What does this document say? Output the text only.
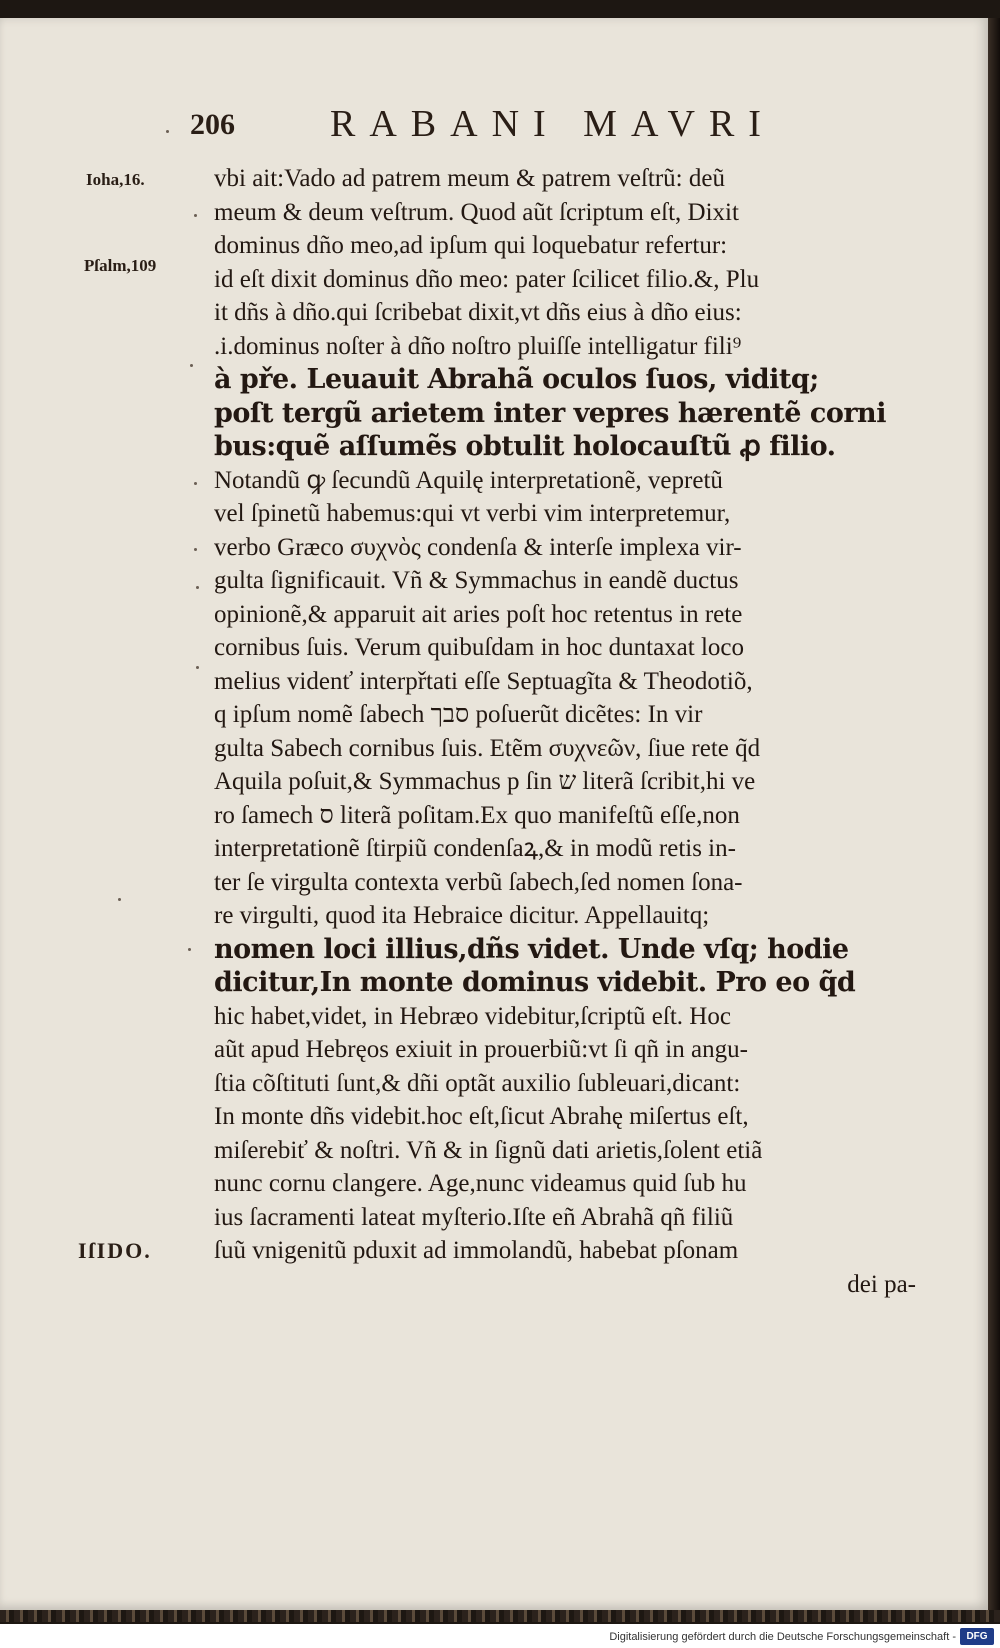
206	RABANI MAVRI
Ioha,16.
Pſalm,109
IſIDO.
vbi ait:Vado ad patrem meum & patrem veſtrũ: deũ
meum & deum veſtrum. Quod aũt ſcriptum eſt, Dixit
dominus dño meo,ad ipſum qui loquebatur refertur:
id eſt dixit dominus dño meo: pater ſcilicet filio.&, Plu
it dñs à dño.qui ſcribebat dixit,vt dñs eius à dño eius:
.i.dominus noſter à dño noſtro pluiſſe intelligatur fili⁹
à pře. Leuauit Abrahã oculos ſuos, viditq;
poſt tergũ arietem inter vepres hærentẽ corni
bus:quẽ aſſumẽs obtulit holocauſtũ ꝓ filio.
Notandũ ꝙ ſecundũ Aquilę interpretationẽ, vepretũ
vel ſpinetũ habemus:qui vt verbi vim interpretemur,
verbo Græco συχνὸς condenſa & interſe implexa vir-
gulta ſignificauit. Vñ & Symmachus in eandẽ ductus
opinionẽ,& apparuit ait aries poſt hoc retentus in rete
cornibus ſuis. Verum quibuſdam in hoc duntaxat loco
melius videnť interpřtati eſſe Septuagĩta & Theodotiõ,
q ipſum nomẽ ſabech סבך poſuerũt dicẽtes: In vir
gulta Sabech cornibus ſuis. Etẽm συχνεῶν, ſiue rete q̃d
Aquila poſuit,& Symmachus p ſin ש literã ſcribit,hi ve
ro ſamech ס literã poſitam.Ex quo manifeſtũ eſſe,non
interpretationẽ ſtirpiũ condenſaꝝ,& in modũ retis in-
ter ſe virgulta contexta verbũ ſabech,ſed nomen ſona-
re virgulti, quod ita Hebraice dicitur. Appellauitq;
nomen loci illius,dñs videt. Unde vſq; hodie
dicitur,In monte dominus videbit. Pro eo q̃d
hic habet,videt, in Hebræo videbitur,ſcriptũ eſt. Hoc
aũt apud Hebręos exiuit in prouerbiũ:vt ſi qñ in angu-
ſtia cõſtituti ſunt,& dñi optãt auxilio ſubleuari,dicant:
In monte dñs videbit.hoc eſt,ſicut Abrahę miſertus eſt,
miſerebiť & noſtri. Vñ & in ſignũ dati arietis,ſolent etiã
nunc cornu clangere. Age,nunc videamus quid ſub hu
ius ſacramenti lateat myſterio.Iſte eñ Abrahã qñ filiũ
ſuũ vnigenitũ pduxit ad immolandũ, habebat pſonam
dei pa-
Digitalisierung gefördert durch die Deutsche Forschungsgemeinschaft -	DFG
